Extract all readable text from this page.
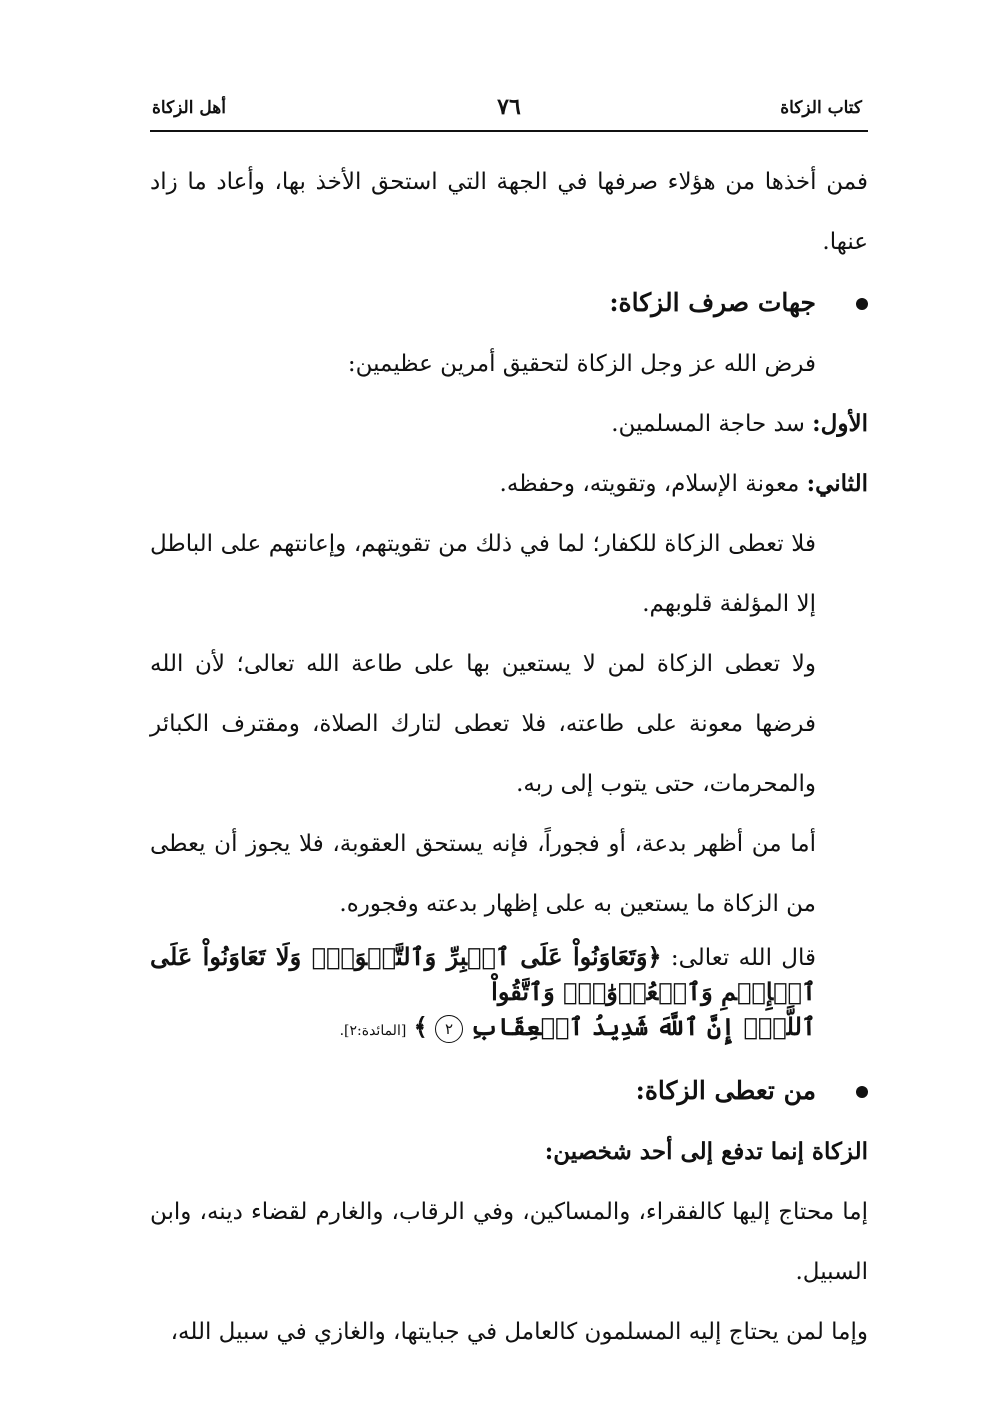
كتاب الزكاة
٧٦
أهل الزكاة

فمن أخذها من هؤلاء صرفها في الجهة التي استحق الأخذ بها، وأعاد ما زاد عنها.

جهات صرف الزكاة:

فرض الله عز وجل الزكاة لتحقيق أمرين عظيمين:

الأول: سد حاجة المسلمين.

الثاني: معونة الإسلام، وتقويته، وحفظه.

فلا تعطى الزكاة للكفار؛ لما في ذلك من تقويتهم، وإعانتهم على الباطل إلا المؤلفة قلوبهم.

ولا تعطى الزكاة لمن لا يستعين بها على طاعة الله تعالى؛ لأن الله فرضها معونة على طاعته، فلا تعطى لتارك الصلاة، ومقترف الكبائر والمحرمات، حتى يتوب إلى ربه.

أما من أظهر بدعة، أو فجوراً، فإنه يستحق العقوبة، فلا يجوز أن يعطى من الزكاة ما يستعين به على إظهار بدعته وفجوره.

قال الله تعالى: ﴿وَتَعَاوَنُواْ عَلَى ٱلۡبِرِّ وَٱلتَّقۡوَىٰۖ وَلَا تَعَاوَنُواْ عَلَى ٱلۡإِثۡمِ وَٱلۡعُدۡوَٰنِۚ وَٱتَّقُواْ

ٱللَّهَۖ إِنَّ ٱللَّهَ شَدِيدُ ٱلۡعِقَابِ ٢ ﴾ [المائدة:٢].

من تعطى الزكاة:

الزكاة إنما تدفع إلى أحد شخصين:

إما محتاج إليها كالفقراء، والمساكين، وفي الرقاب، والغارم لقضاء دينه، وابن السبيل.

وإما لمن يحتاج إليه المسلمون كالعامل في جبايتها، والغازي في سبيل الله،
